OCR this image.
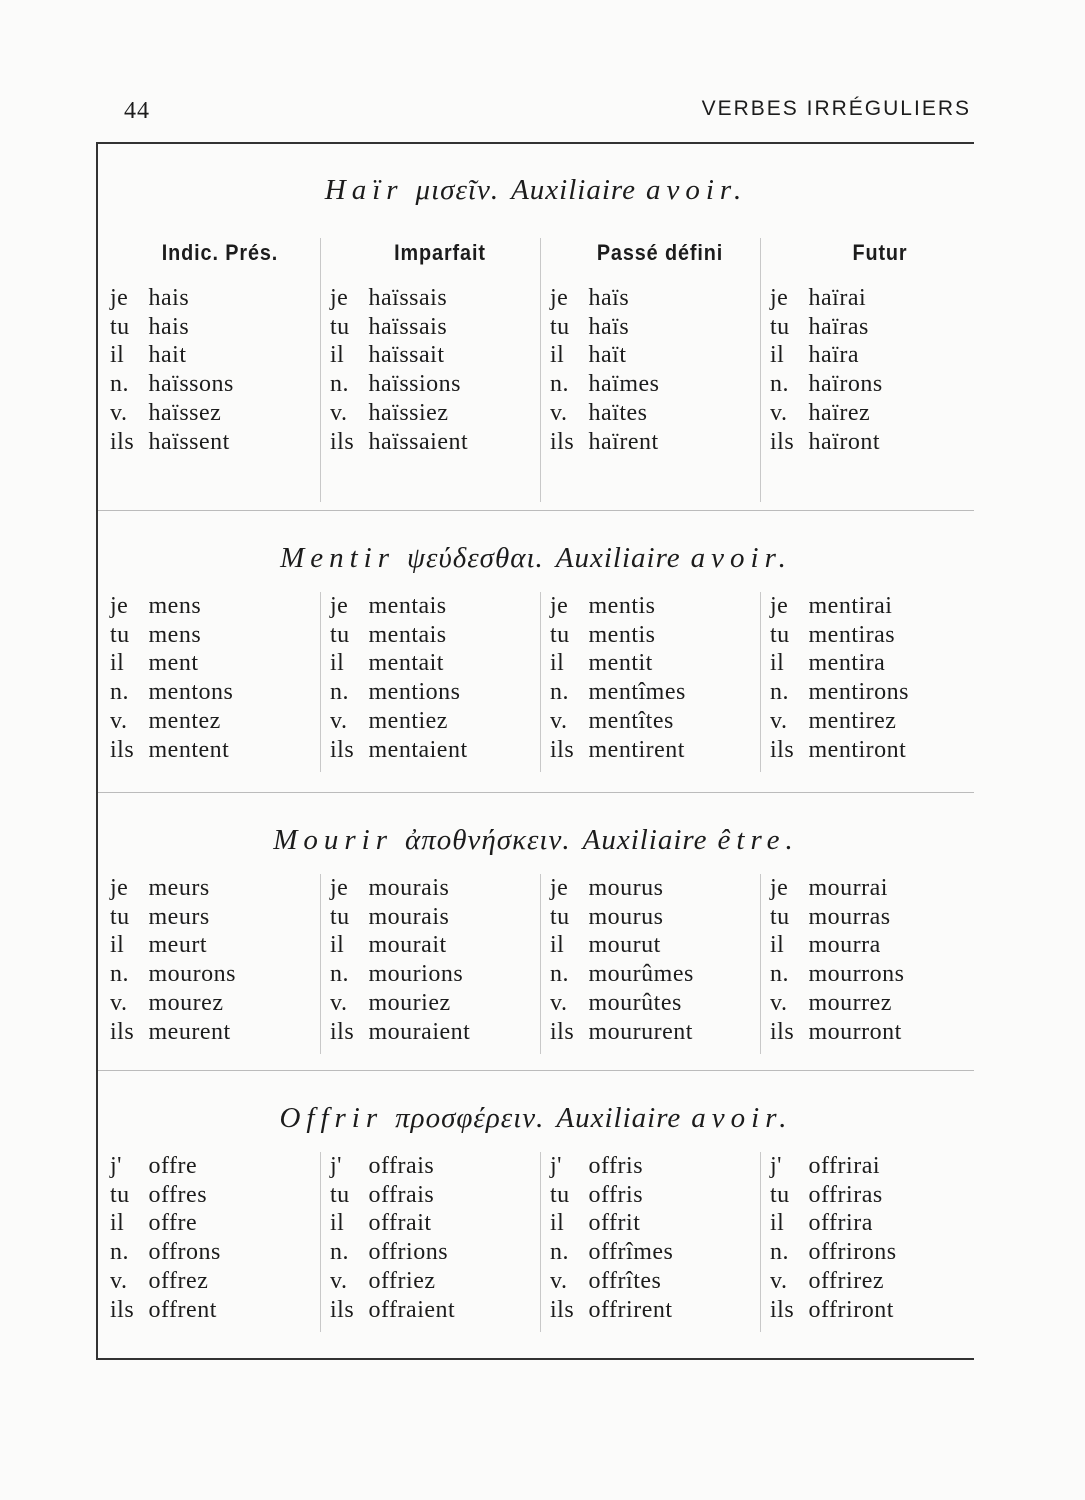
44	VERBES IRRÉGULIERS
Haïr μισεῖν. Auxiliaire avoir.
Indic. Prés.
je hais
tu hais
il hait
n. haïssons
v. haïssez
ils haïssent
Imparfait
je haïssais
tu haïssais
il haïssait
n. haïssions
v. haïssiez
ils haïssaient
Passé défini
je haïs
tu haïs
il haït
n. haïmes
v. haïtes
ils haïrent
Futur
je haïrai
tu haïras
il haïra
n. haïrons
v. haïrez
ils haïront
Mentir ψεύδεσθαι. Auxiliaire avoir.
je mens
tu mens
il ment
n. mentons
v. mentez
ils mentent
je mentais
tu mentais
il mentait
n. mentions
v. mentiez
ils mentaient
je mentis
tu mentis
il mentit
n. mentîmes
v. mentîtes
ils mentirent
je mentirai
tu mentiras
il mentira
n. mentirons
v. mentirez
ils mentiront
Mourir ἀποθνήσκειν. Auxiliaire être.
je meurs
tu meurs
il meurt
n. mourons
v. mourez
ils meurent
je mourais
tu mourais
il mourait
n. mourions
v. mouriez
ils mouraient
je mourus
tu mourus
il mourut
n. mourûmes
v. mourûtes
ils moururent
je mourrai
tu mourras
il mourra
n. mourrons
v. mourrez
ils mourront
Offrir προσφέρειν. Auxiliaire avoir.
j' offre
tu offres
il offre
n. offrons
v. offrez
ils offrent
j' offrais
tu offrais
il offrait
n. offrions
v. offriez
ils offraient
j' offris
tu offris
il offrit
n. offrîmes
v. offrîtes
ils offrirent
j' offrirai
tu offriras
il offrira
n. offrirons
v. offrirez
ils offriront
